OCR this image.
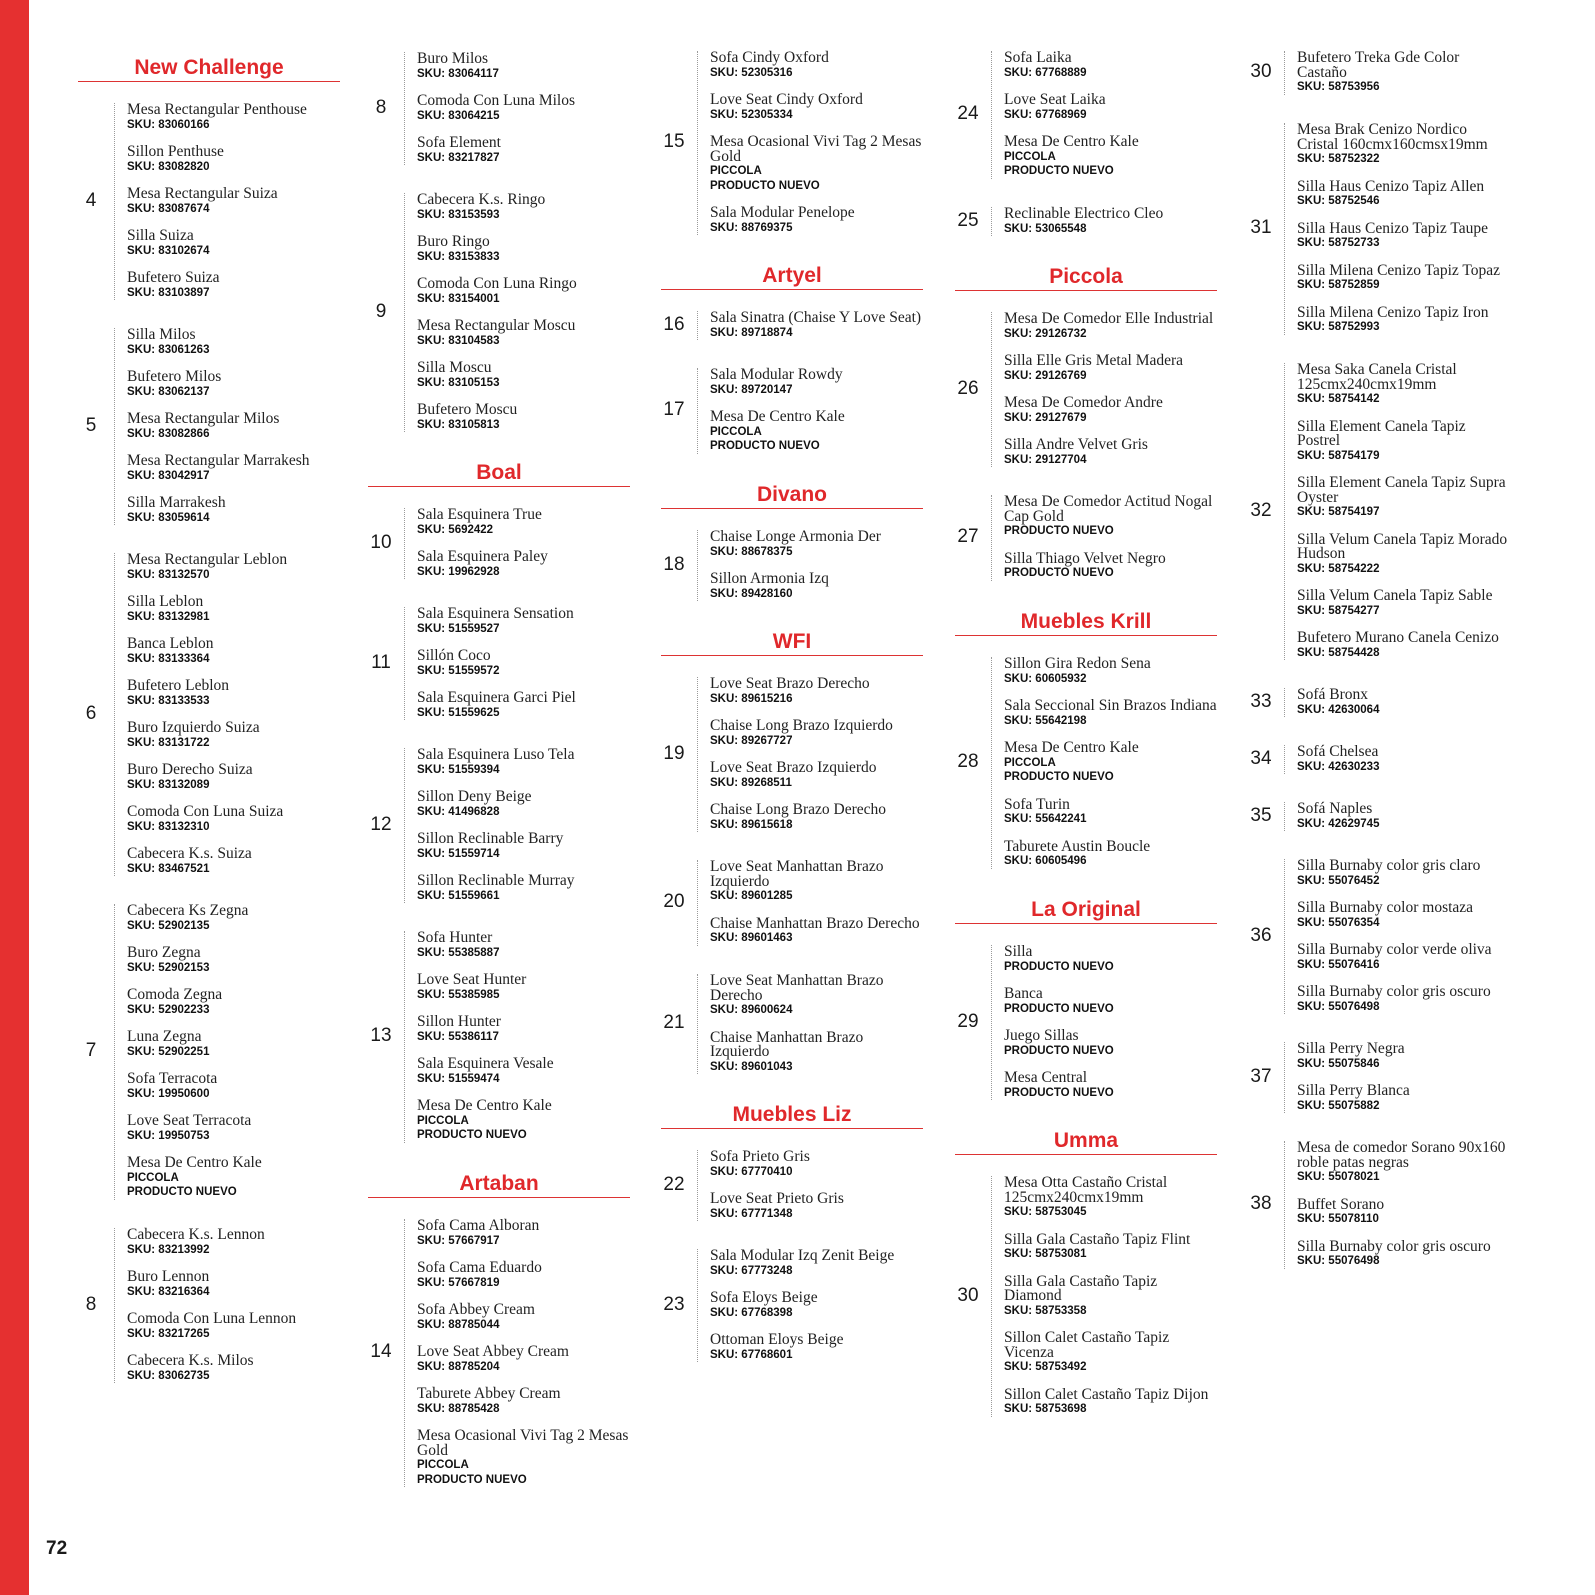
New Challenge
4
Mesa Rectangular Penthouse
SKU: 83060166
Sillon Penthuse
SKU: 83082820
Mesa Rectangular Suiza
SKU: 83087674
Silla Suiza
SKU: 83102674
Bufetero Suiza
SKU: 83103897
5
Silla Milos
SKU: 83061263
Bufetero Milos
SKU: 83062137
Mesa Rectangular Milos
SKU: 83082866
Mesa Rectangular Marrakesh
SKU: 83042917
Silla Marrakesh
SKU: 83059614
6
Mesa Rectangular Leblon
SKU: 83132570
Silla Leblon
SKU: 83132981
Banca Leblon
SKU: 83133364
Bufetero Leblon
SKU: 83133533
Buro Izquierdo Suiza
SKU: 83131722
Buro Derecho Suiza
SKU: 83132089
Comoda Con Luna Suiza
SKU: 83132310
Cabecera K.s. Suiza
SKU: 83467521
7
Cabecera Ks Zegna
SKU: 52902135
Buro Zegna
SKU: 52902153
Comoda Zegna
SKU: 52902233
Luna Zegna
SKU: 52902251
Sofa Terracota
SKU: 19950600
Love Seat Terracota
SKU: 19950753
Mesa De Centro Kale
PICCOLA
PRODUCTO NUEVO
8
Cabecera K.s. Lennon
SKU: 83213992
Buro Lennon
SKU: 83216364
Comoda Con Luna Lennon
SKU: 83217265
Cabecera K.s. Milos
SKU: 83062735
8
Buro Milos
SKU: 83064117
Comoda Con Luna Milos
SKU: 83064215
Sofa Element
SKU: 83217827
9
Cabecera K.s. Ringo
SKU: 83153593
Buro Ringo
SKU: 83153833
Comoda Con Luna Ringo
SKU: 83154001
Mesa Rectangular Moscu
SKU: 83104583
Silla Moscu
SKU: 83105153
Bufetero Moscu
SKU: 83105813
Boal
10
Sala Esquinera True
SKU: 5692422
Sala Esquinera Paley
SKU: 19962928
11
Sala Esquinera Sensation
SKU: 51559527
Sillón Coco
SKU: 51559572
Sala Esquinera Garci Piel
SKU: 51559625
12
Sala Esquinera Luso Tela
SKU: 51559394
Sillon Deny Beige
SKU: 41496828
Sillon Reclinable Barry
SKU: 51559714
Sillon Reclinable Murray
SKU: 51559661
13
Sofa Hunter
SKU: 55385887
Love Seat Hunter
SKU: 55385985
Sillon Hunter
SKU: 55386117
Sala Esquinera Vesale
SKU: 51559474
Mesa De Centro Kale
PICCOLA
PRODUCTO NUEVO
Artaban
14
Sofa Cama Alboran
SKU: 57667917
Sofa Cama Eduardo
SKU: 57667819
Sofa Abbey Cream
SKU: 88785044
Love Seat Abbey Cream
SKU: 88785204
Taburete Abbey Cream
SKU: 88785428
Mesa Ocasional Vivi Tag 2 Mesas Gold
PICCOLA
PRODUCTO NUEVO
15
Sofa Cindy Oxford
SKU: 52305316
Love Seat Cindy Oxford
SKU: 52305334
Mesa Ocasional Vivi Tag 2 Mesas Gold
PICCOLA
PRODUCTO NUEVO
Sala Modular Penelope
SKU: 88769375
Artyel
16 Sala Sinatra (Chaise Y Love Seat)
SKU: 89718874
17
Sala Modular Rowdy
SKU: 89720147
Mesa De Centro Kale
PICCOLA
PRODUCTO NUEVO
Divano
18
Chaise Longe Armonia Der
SKU: 88678375
Sillon Armonia Izq
SKU: 89428160
WFI
19
Love Seat Brazo Derecho
SKU: 89615216
Chaise Long Brazo Izquierdo
SKU: 89267727
Love Seat Brazo Izquierdo
SKU: 89268511
Chaise Long Brazo Derecho
SKU: 89615618
20
Love Seat Manhattan Brazo Izquierdo
SKU: 89601285
Chaise Manhattan Brazo Derecho
SKU: 89601463
21
Love Seat Manhattan Brazo Derecho
SKU: 89600624
Chaise Manhattan Brazo Izquierdo
SKU: 89601043
Muebles Liz
22
Sofa Prieto Gris
SKU: 67770410
Love Seat Prieto Gris
SKU: 67771348
23
Sala Modular Izq Zenit Beige
SKU: 67773248
Sofa Eloys Beige
SKU: 67768398
Ottoman Eloys Beige
SKU: 67768601
24
Sofa Laika
SKU: 67768889
Love Seat Laika
SKU: 67768969
Mesa De Centro Kale
PICCOLA
PRODUCTO NUEVO
25 Reclinable Electrico Cleo
SKU: 53065548
Piccola
26
Mesa De Comedor Elle Industrial
SKU: 29126732
Silla Elle Gris Metal Madera
SKU: 29126769
Mesa De Comedor Andre
SKU: 29127679
Silla Andre Velvet Gris
SKU: 29127704
27
Mesa De Comedor Actitud Nogal Cap Gold
PRODUCTO NUEVO
Silla Thiago Velvet Negro
PRODUCTO NUEVO
Muebles Krill
28
Sillon Gira Redon Sena
SKU: 60605932
Sala Seccional Sin Brazos Indiana
SKU: 55642198
Mesa De Centro Kale
PICCOLA
PRODUCTO NUEVO
Sofa Turin
SKU: 55642241
Taburete Austin Boucle
SKU: 60605496
La Original
29
Silla
PRODUCTO NUEVO
Banca
PRODUCTO NUEVO
Juego Sillas
PRODUCTO NUEVO
Mesa Central
PRODUCTO NUEVO
Umma
30
Mesa Otta Castaño Cristal 125cmx240cmx19mm
SKU: 58753045
Silla Gala Castaño Tapiz Flint
SKU: 58753081
Silla Gala Castaño Tapiz Diamond
SKU: 58753358
Sillon Calet Castaño Tapiz Vicenza
SKU: 58753492
Sillon Calet Castaño Tapiz Dijon
SKU: 58753698
30
Bufetero Treka Gde Color Castaño
SKU: 58753956
31
Mesa Brak Cenizo Nordico Cristal 160cmx160cmsx19mm
SKU: 58752322
Silla Haus Cenizo Tapiz Allen
SKU: 58752546
Silla Haus Cenizo Tapiz Taupe
SKU: 58752733
Silla Milena Cenizo Tapiz Topaz
SKU: 58752859
Silla Milena Cenizo Tapiz Iron
SKU: 58752993
32
Mesa Saka Canela Cristal 125cmx240cmx19mm
SKU: 58754142
Silla Element Canela Tapiz Postrel
SKU: 58754179
Silla Element Canela Tapiz Supra Oyster
SKU: 58754197
Silla Velum Canela Tapiz Morado Hudson
SKU: 58754222
Silla Velum Canela Tapiz Sable
SKU: 58754277
Bufetero Murano Canela Cenizo
SKU: 58754428
33 Sofá Bronx
SKU: 42630064
34 Sofá Chelsea
SKU: 42630233
35 Sofá Naples
SKU: 42629745
36
Silla Burnaby color gris claro
SKU: 55076452
Silla Burnaby color mostaza
SKU: 55076354
Silla Burnaby color verde oliva
SKU: 55076416
Silla Burnaby color gris oscuro
SKU: 55076498
37
Silla Perry Negra
SKU: 55075846
Silla Perry Blanca
SKU: 55075882
38
Mesa de comedor Sorano 90x160 roble patas negras
SKU: 55078021
Buffet Sorano
SKU: 55078110
Silla Burnaby color gris oscuro
SKU: 55076498
72
